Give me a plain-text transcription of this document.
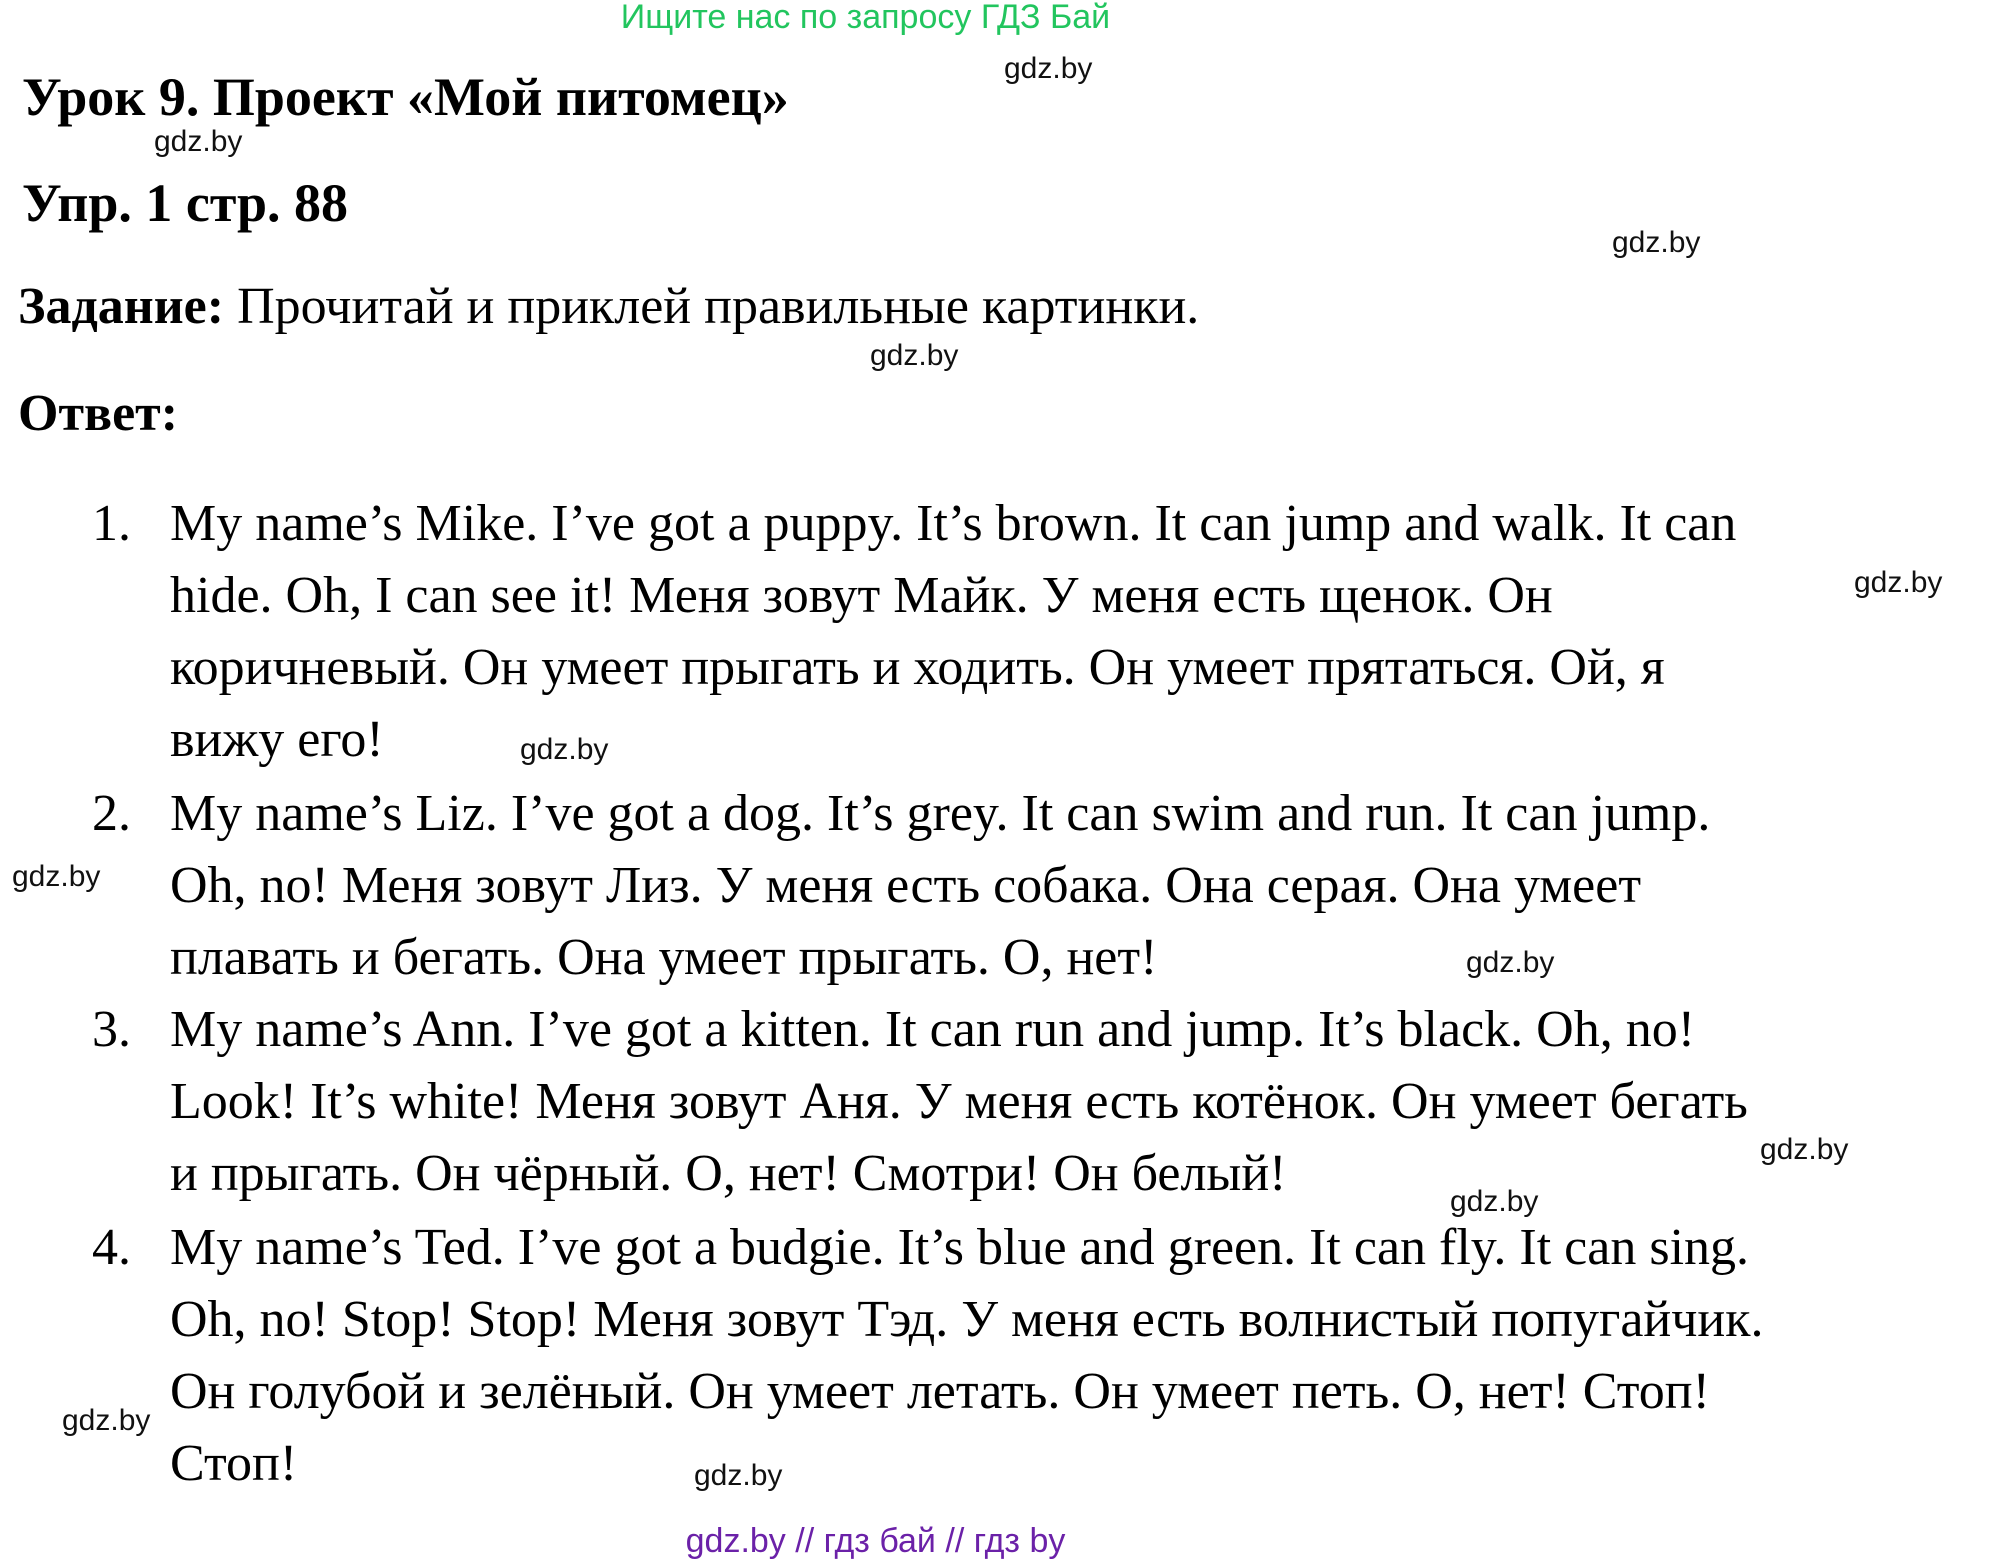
Ищите нас по запросу ГДЗ Бай
Урок 9. Проект «Мой питомец»
Упр. 1 стр. 88
Задание: Прочитай и приклей правильные картинки.
Ответ:
1. My name’s Mike. I’ve got a puppy. It’s brown. It can jump and walk. It can
hide. Oh, I can see it! Меня зовут Майк. У меня есть щенок. Он
коричневый. Он умеет прыгать и ходить. Он умеет прятаться. Ой, я
вижу его!
2. My name’s Liz. I’ve got a dog. It’s grey. It can swim and run. It can jump.
Oh, no! Меня зовут Лиз. У меня есть собака. Она серая. Она умеет
плавать и бегать. Она умеет прыгать. О, нет!
3. My name’s Ann. I’ve got a kitten. It can run and jump. It’s black. Oh, no!
Look! It’s white! Меня зовут Аня. У меня есть котёнок. Он умеет бегать
и прыгать. Он чёрный. О, нет! Смотри! Он белый!
4. My name’s Ted. I’ve got a budgie. It’s blue and green. It can fly. It can sing.
Oh, no! Stop! Stop! Меня зовут Тэд. У меня есть волнистый попугайчик.
Он голубой и зелёный. Он умеет летать. Он умеет петь. О, нет! Стоп!
Стоп!
gdz.by
gdz.by
gdz.by
gdz.by
gdz.by
gdz.by
gdz.by
gdz.by
gdz.by
gdz.by
gdz.by
gdz.by
gdz.by // гдз бай // гдз by
